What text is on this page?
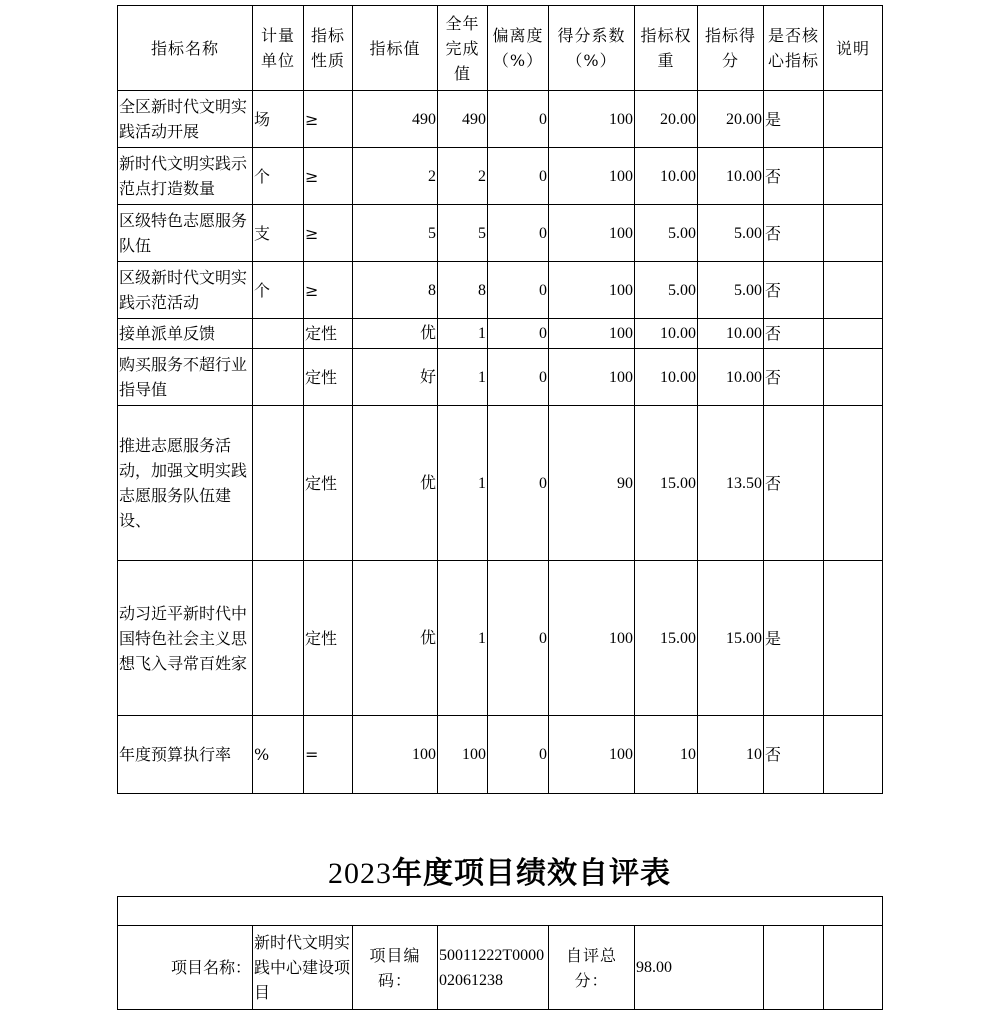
指标名称	计量单位	指标性质	指标值	全年完成值	偏离度（%）	得分系数（%）	指标权重	指标得分	是否核心指标	说明
全区新时代文明实践活动开展	场	≥	490	490	0	100	20.00	20.00	是	
新时代文明实践示范点打造数量	个	≥	2	2	0	100	10.00	10.00	否	
区级特色志愿服务队伍	支	≥	5	5	0	100	5.00	5.00	否	
区级新时代文明实践示范活动	个	≥	8	8	0	100	5.00	5.00	否	
接单派单反馈		定性	优	1	0	100	10.00	10.00	否	
购买服务不超行业指导值		定性	好	1	0	100	10.00	10.00	否	
推进志愿服务活动，加强文明实践志愿服务队伍建设、		定性	优	1	0	90	15.00	13.50	否	
动习近平新时代中国特色社会主义思想飞入寻常百姓家		定性	优	1	0	100	15.00	15.00	是	
年度预算执行率	%	=	100	100	0	100	10	10	否	
2023年度项目绩效自评表

项目名称：	新时代文明实践中心建设项目	项目编码：	50011222T000002061238	自评总分：	98.00		
